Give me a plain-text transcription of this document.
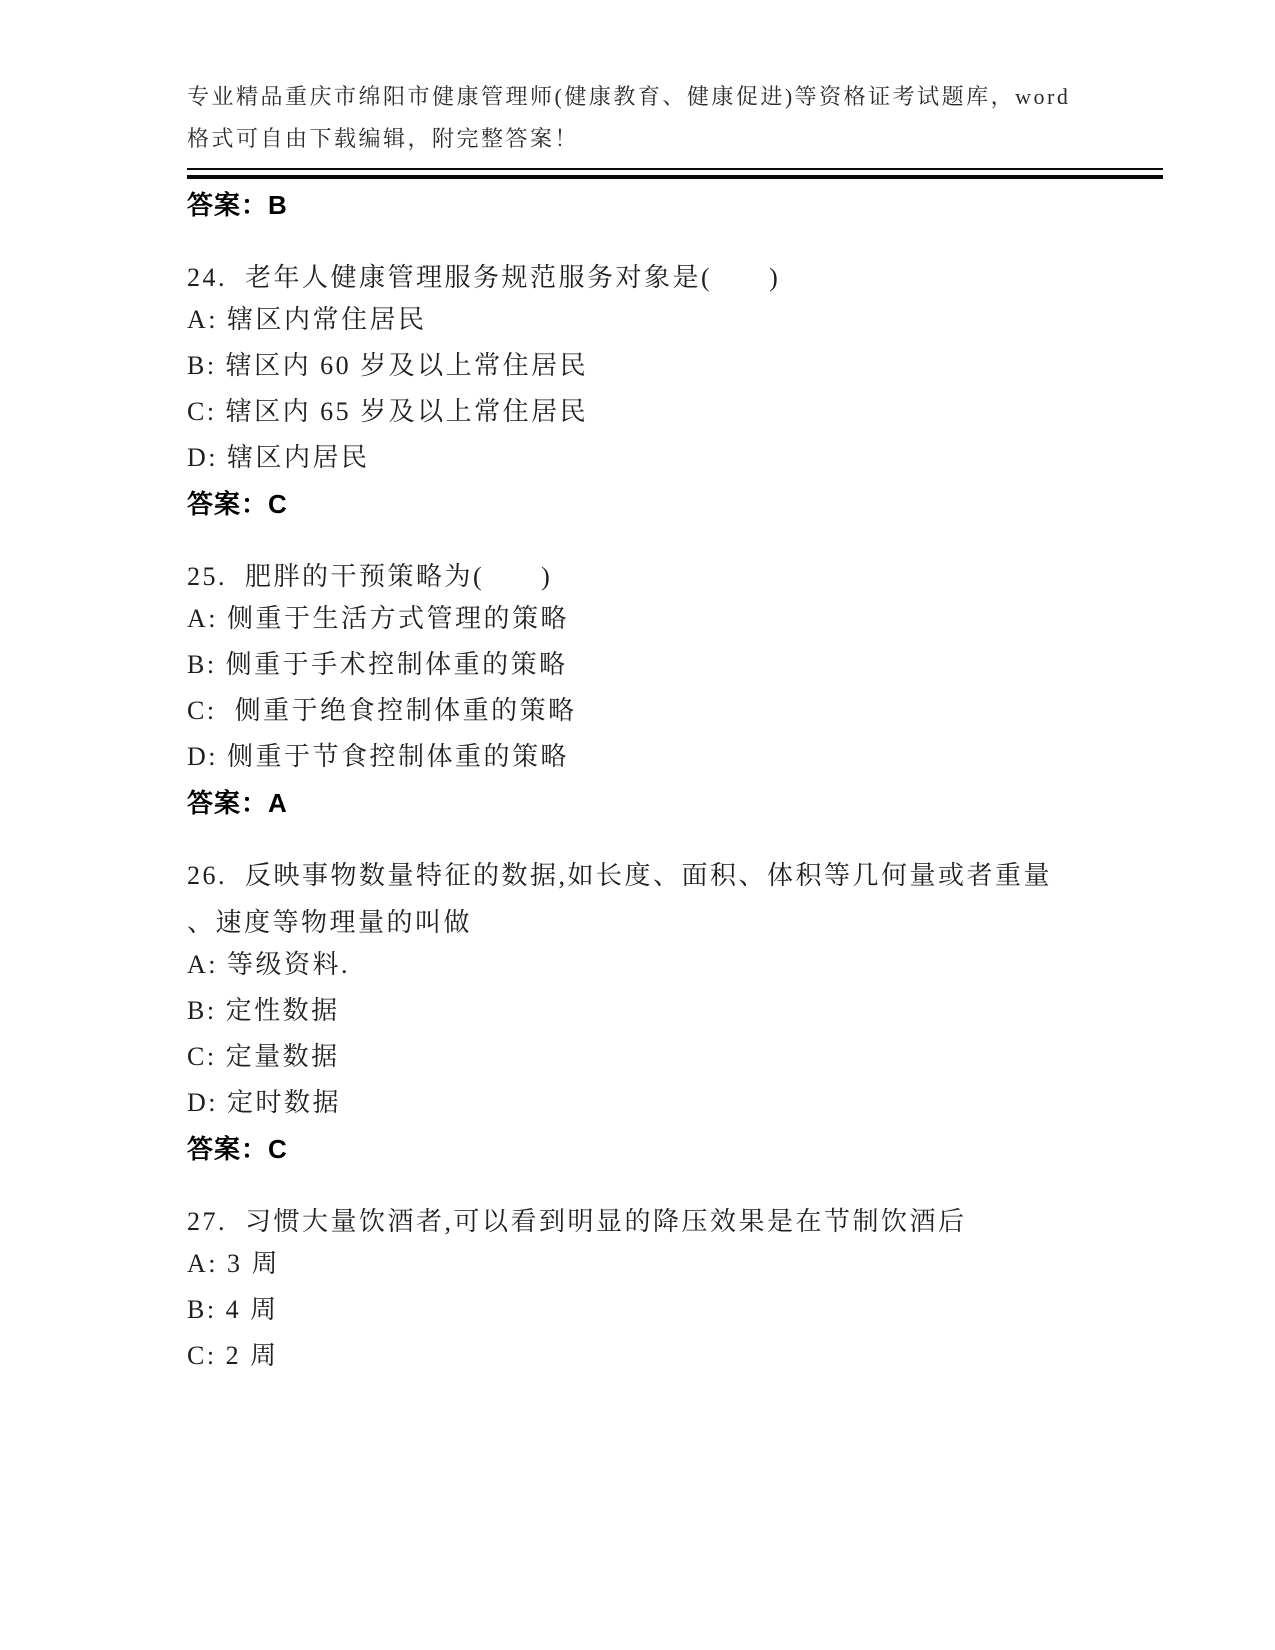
专业精品重庆市绵阳市健康管理师(健康教育、健康促进)等资格证考试题库，word
格式可自由下载编辑，附完整答案！
答案：B
24.  老年人健康管理服务规范服务对象是(　　)
A: 辖区内常住居民
B: 辖区内 60 岁及以上常住居民
C: 辖区内 65 岁及以上常住居民
D: 辖区内居民
答案：C
25.  肥胖的干预策略为(　　)
A: 侧重于生活方式管理的策略
B: 侧重于手术控制体重的策略
C:  侧重于绝食控制体重的策略
D: 侧重于节食控制体重的策略
答案：A
26.  反映事物数量特征的数据,如长度、面积、体积等几何量或者重量
、速度等物理量的叫做
A: 等级资料.
B: 定性数据
C: 定量数据
D: 定时数据
答案：C
27.  习惯大量饮酒者,可以看到明显的降压效果是在节制饮酒后
A: 3 周
B: 4 周
C: 2 周
